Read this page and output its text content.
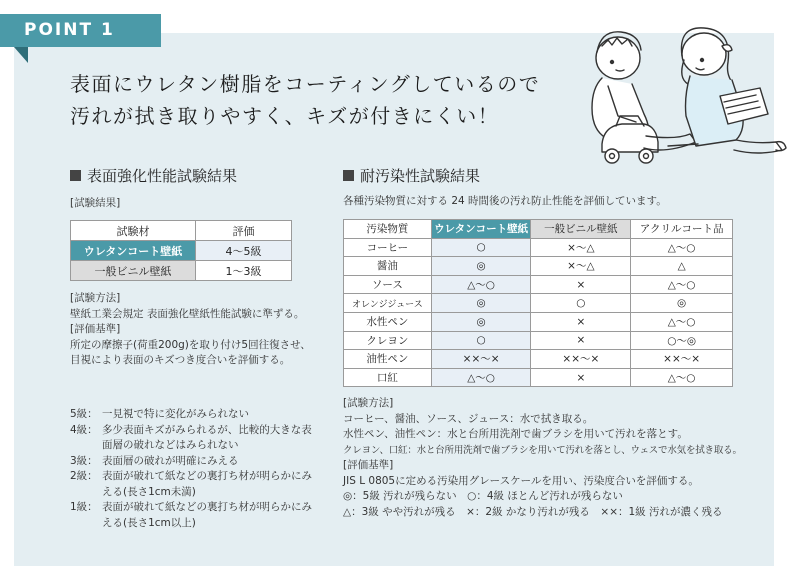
POINT 1
表面にウレタン樹脂をコーティングしているので
汚れが拭き取りやすく、キズが付きにくい！
表面強化性能試験結果
[試験結果]
試験材	評価
ウレタンコート壁紙	4～5級
一般ビニル壁紙	1～3級
[試験方法]
壁紙工業会規定 表面強化壁紙性能試験に準ずる。
[評価基準]
所定の摩擦子(荷重200g)を取り付け5回往復させ、目視により表面のキズつき度合いを評価する。
5級： 一見視で特に変化がみられない
4級： 多少表面キズがみられるが、比較的大きな表面層の破れなどはみられない
3級： 表面層の破れが明確にみえる
2級： 表面が破れて紙などの裏打ち材が明らかにみえる(長さ1cm未満)
1級： 表面が破れて紙などの裏打ち材が明らかにみえる(長さ1cm以上)
耐汚染性試験結果
各種汚染物質に対する 24 時間後の汚れ防止性能を評価しています。
汚染物質	ウレタンコート壁紙	一般ビニル壁紙	アクリルコート品
コーヒー	○	×～△	△～○
醤油	◎	×～△	△
ソース	△～○	×	△～○
オレンジジュース	◎	○	◎
水性ペン	◎	×	△～○
クレヨン	○	×	○～◎
油性ペン	××～×	××～×	××～×
口紅	△～○	×	△～○
[試験方法]
コーヒー、醤油、ソース、ジュース：水で拭き取る。
水性ペン、油性ペン：水と台所用洗剤で歯ブラシを用いて汚れを落とす。
クレヨン、口紅：水と台所用洗剤で歯ブラシを用いて汚れを落とし、ウェスで水気を拭き取る。
[評価基準]
JIS L 0805に定める汚染用グレースケールを用い、汚染度合いを評価する。
◎：5級 汚れが残らない　○：4級 ほとんど汚れが残らない
△：3級 やや汚れが残る　×：2級 かなり汚れが残る　××：1級 汚れが濃く残る
